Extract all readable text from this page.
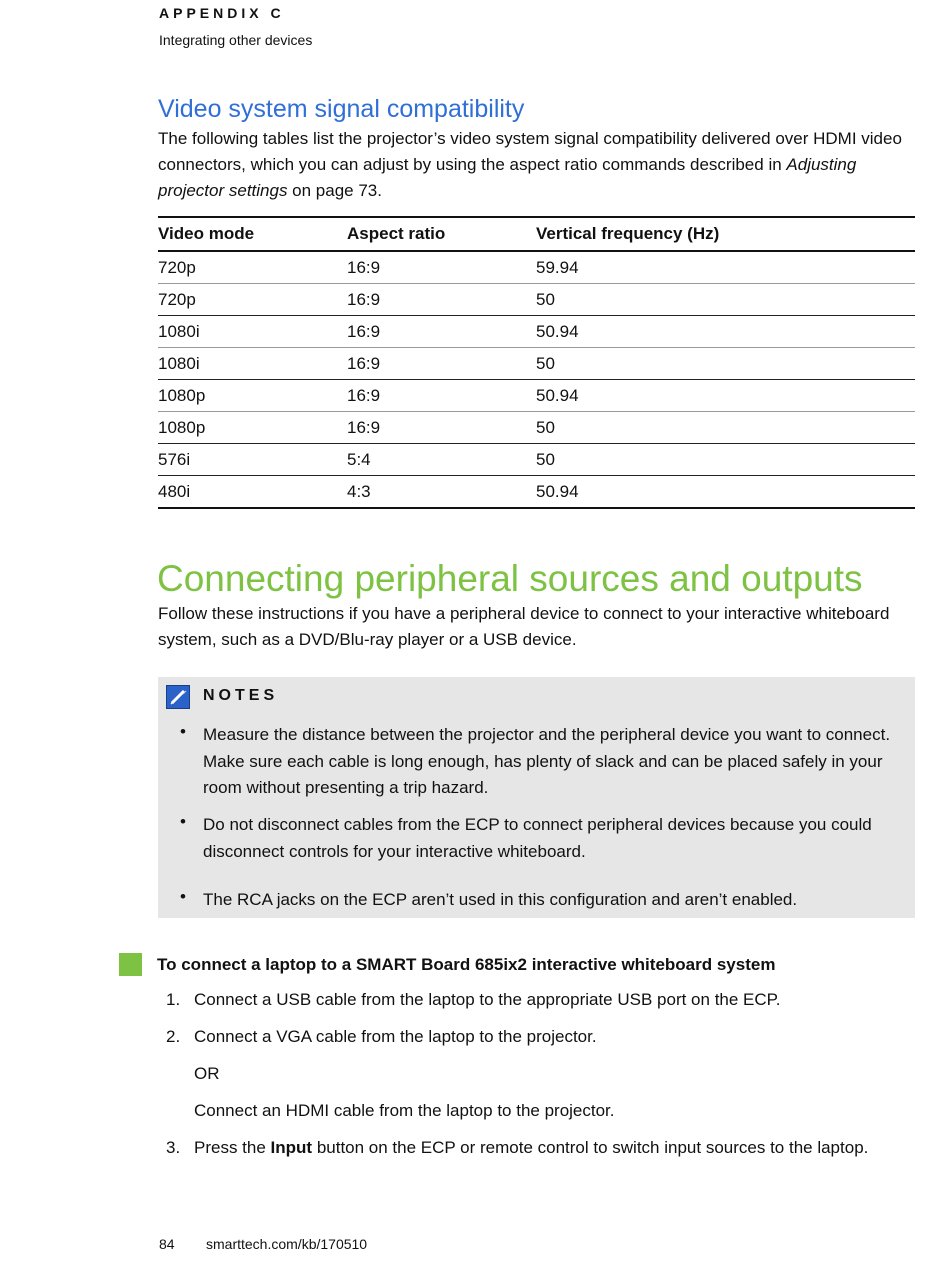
APPENDIX C
Integrating other devices
Video system signal compatibility

The following tables list the projector’s video system signal compatibility delivered over HDMI video connectors, which you can adjust by using the aspect ratio commands described in Adjusting projector settings on page 73.

Video mode	Aspect ratio	Vertical frequency (Hz)
720p	16:9	59.94
720p	16:9	50
1080i	16:9	50.94
1080i	16:9	50
1080p	16:9	50.94
1080p	16:9	50
576i	5:4	50
480i	4:3	50.94
Connecting peripheral sources and outputs

Follow these instructions if you have a peripheral device to connect to your interactive whiteboard system, such as a DVD/Blu-ray player or a USB device.

NOTES
• Measure the distance between the projector and the peripheral device you want to connect. Make sure each cable is long enough, has plenty of slack and can be placed safely in your room without presenting a trip hazard.
• Do not disconnect cables from the ECP to connect peripheral devices because you could disconnect controls for your interactive whiteboard.
• The RCA jacks on the ECP aren’t used in this configuration and aren’t enabled.
To connect a laptop to a SMART Board 685ix2 interactive whiteboard system
1. Connect a USB cable from the laptop to the appropriate USB port on the ECP.
2. Connect a VGA cable from the laptop to the projector.
OR
Connect an HDMI cable from the laptop to the projector.
3. Press the Input button on the ECP or remote control to switch input sources to the laptop.
84 smarttech.com/kb/170510
